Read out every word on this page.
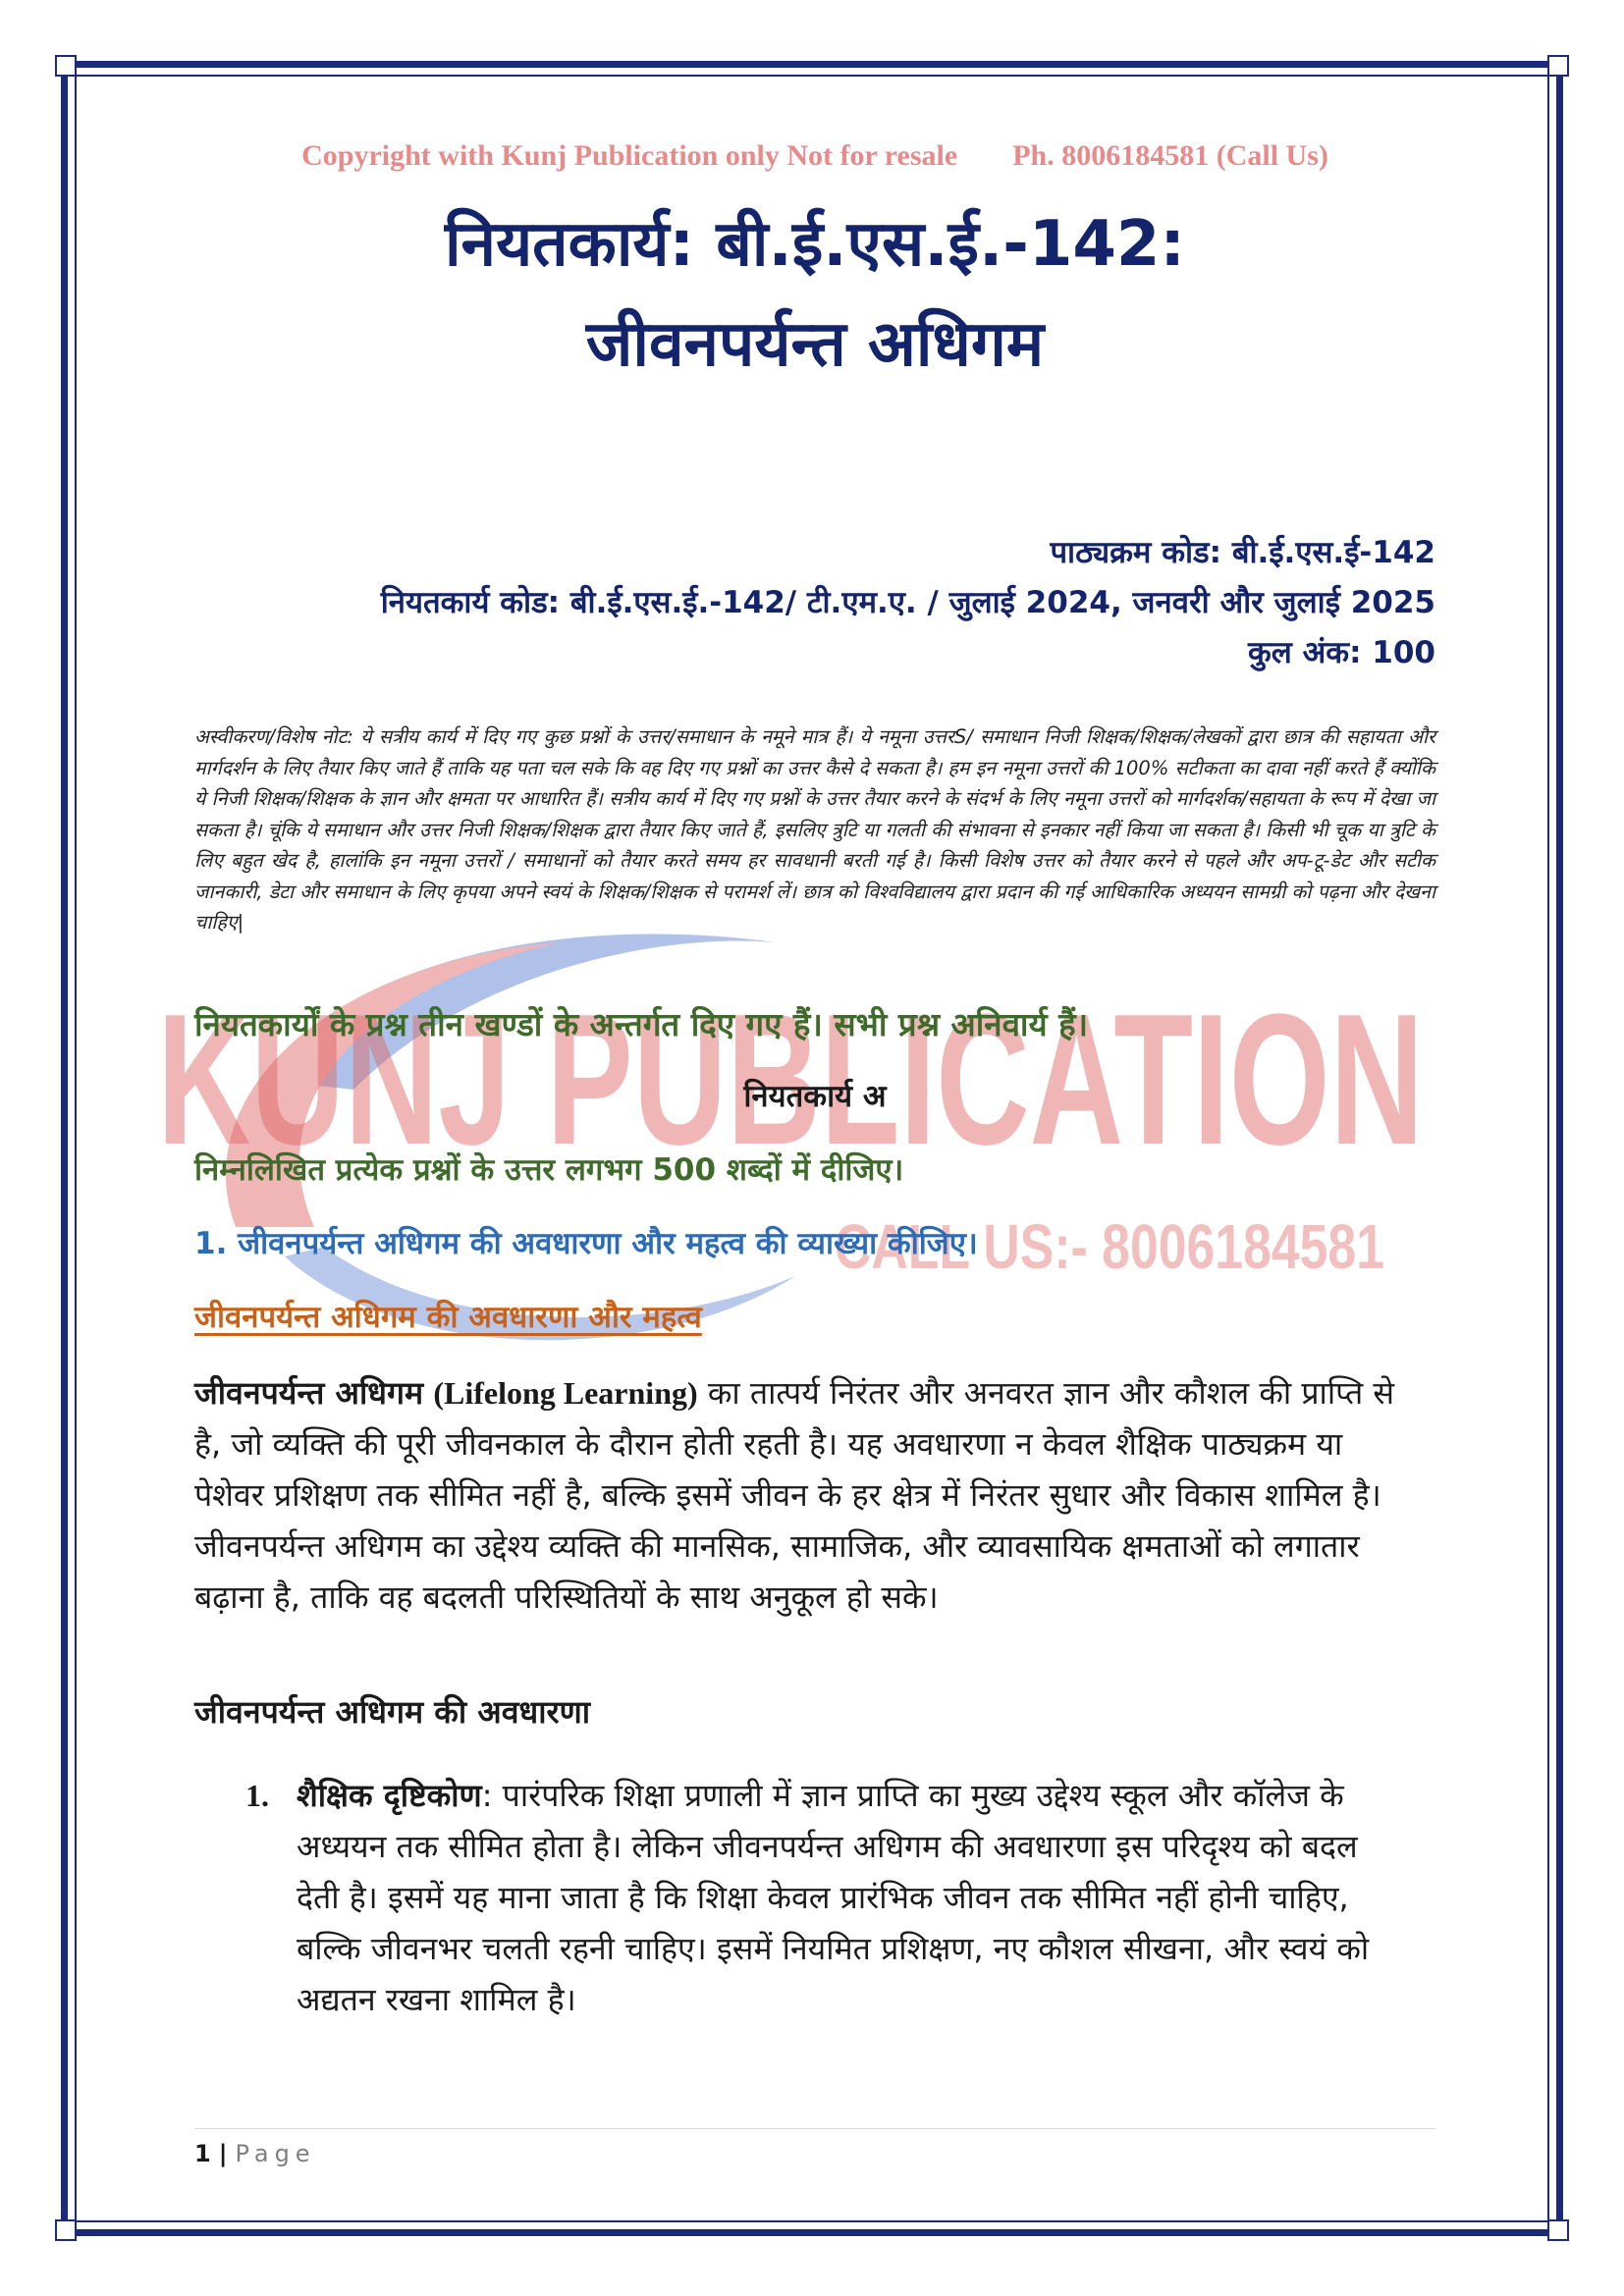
KUNJ PUBLICATION
CALL US:- 8006184581
Copyright with Kunj Publication only Not for resale Ph. 8006184581 (Call Us)
नियतकार्य: बी.ई.एस.ई.-142:
जीवनपर्यन्त अधिगम
पाठ्यक्रम कोड: बी.ई.एस.ई-142
नियतकार्य कोड: बी.ई.एस.ई.-142/ टी.एम.ए. / जुलाई 2024, जनवरी और जुलाई 2025
कुल अंक: 100
अस्वीकरण/विशेष नोट: ये सत्रीय कार्य में दिए गए कुछ प्रश्नों के उत्तर/समाधान के नमूने मात्र हैं। ये नमूना उत्तरS/ समाधान निजी शिक्षक/शिक्षक/लेखकों द्वारा छात्र की सहायता और मार्गदर्शन के लिए तैयार किए जाते हैं ताकि यह पता चल सके कि वह दिए गए प्रश्नों का उत्तर कैसे दे सकता है। हम इन नमूना उत्तरों की 100% सटीकता का दावा नहीं करते हैं क्योंकि ये निजी शिक्षक/शिक्षक के ज्ञान और क्षमता पर आधारित हैं। सत्रीय कार्य में दिए गए प्रश्नों के उत्तर तैयार करने के संदर्भ के लिए नमूना उत्तरों को मार्गदर्शक/सहायता के रूप में देखा जा सकता है। चूंकि ये समाधान और उत्तर निजी शिक्षक/शिक्षक द्वारा तैयार किए जाते हैं, इसलिए त्रुटि या गलती की संभावना से इनकार नहीं किया जा सकता है। किसी भी चूक या त्रुटि के लिए बहुत खेद है, हालांकि इन नमूना उत्तरों / समाधानों को तैयार करते समय हर सावधानी बरती गई है। किसी विशेष उत्तर को तैयार करने से पहले और अप-टू-डेट और सटीक जानकारी, डेटा और समाधान के लिए कृपया अपने स्वयं के शिक्षक/शिक्षक से परामर्श लें। छात्र को विश्वविद्यालय द्वारा प्रदान की गई आधिकारिक अध्ययन सामग्री को पढ़ना और देखना चाहिए|
नियतकार्यों के प्रश्न तीन खण्डों के अन्तर्गत दिए गए हैं। सभी प्रश्न अनिवार्य हैं।
नियतकार्य अ
निम्नलिखित प्रत्येक प्रश्नों के उत्तर लगभग 500 शब्दों में दीजिए।
1. जीवनपर्यन्त अधिगम की अवधारणा और महत्व की व्याख्या कीजिए।
जीवनपर्यन्त अधिगम की अवधारणा और महत्व
जीवनपर्यन्त अधिगम (Lifelong Learning) का तात्पर्य निरंतर और अनवरत ज्ञान और कौशल की प्राप्ति से है, जो व्यक्ति की पूरी जीवनकाल के दौरान होती रहती है। यह अवधारणा न केवल शैक्षिक पाठ्यक्रम या पेशेवर प्रशिक्षण तक सीमित नहीं है, बल्कि इसमें जीवन के हर क्षेत्र में निरंतर सुधार और विकास शामिल है। जीवनपर्यन्त अधिगम का उद्देश्य व्यक्ति की मानसिक, सामाजिक, और व्यावसायिक क्षमताओं को लगातार बढ़ाना है, ताकि वह बदलती परिस्थितियों के साथ अनुकूल हो सके।
जीवनपर्यन्त अधिगम की अवधारणा
1. शैक्षिक दृष्टिकोण: पारंपरिक शिक्षा प्रणाली में ज्ञान प्राप्ति का मुख्य उद्देश्य स्कूल और कॉलेज के अध्ययन तक सीमित होता है। लेकिन जीवनपर्यन्त अधिगम की अवधारणा इस परिदृश्य को बदल देती है। इसमें यह माना जाता है कि शिक्षा केवल प्रारंभिक जीवन तक सीमित नहीं होनी चाहिए, बल्कि जीवनभर चलती रहनी चाहिए। इसमें नियमित प्रशिक्षण, नए कौशल सीखना, और स्वयं को अद्यतन रखना शामिल है।
1 | Page
